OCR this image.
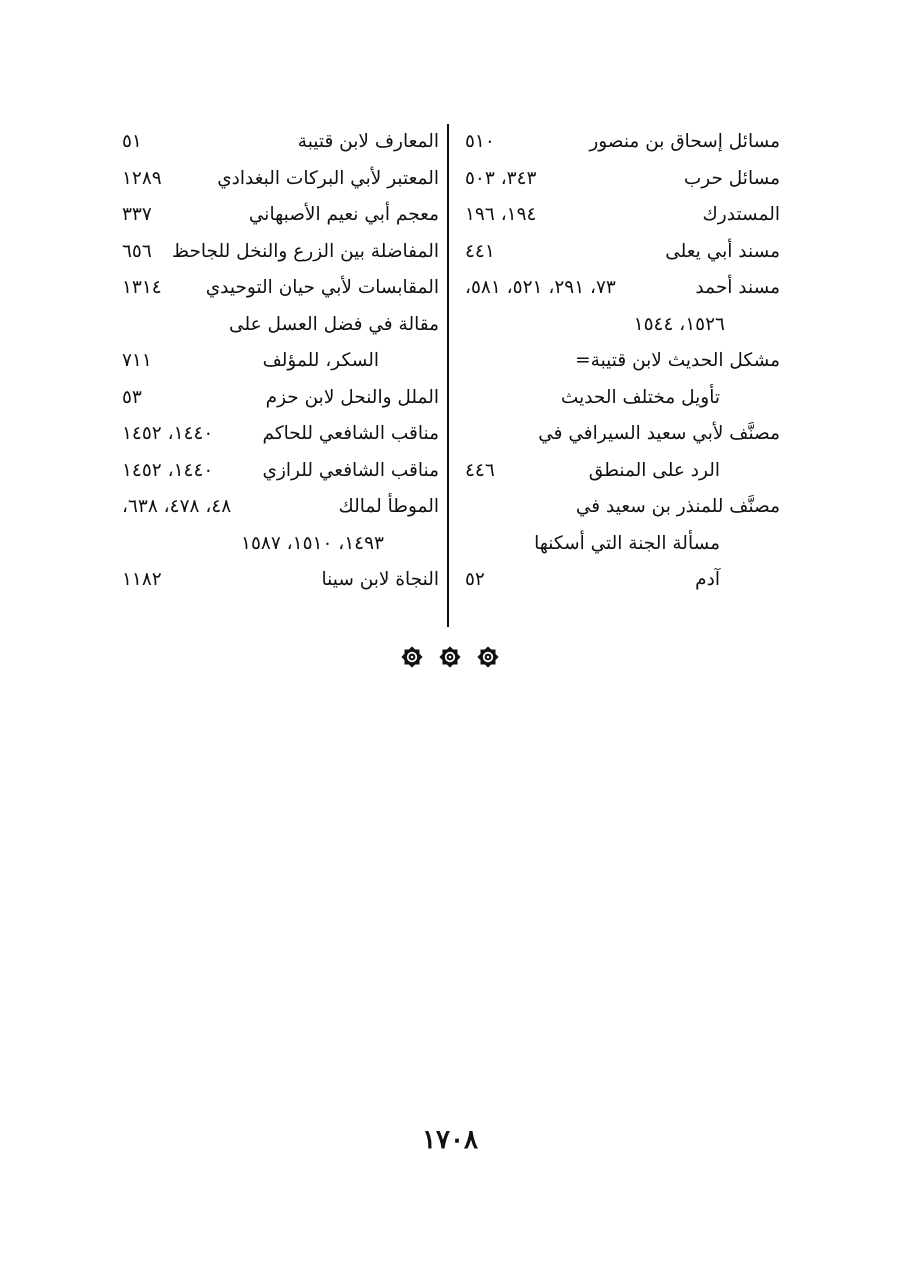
مسائل إسحاق بن منصور
٥١٠
مسائل حرب
٣٤٣، ٥٠٣
المستدرك
١٩٤، ١٩٦
مسند أبي يعلى
٤٤١
مسند أحمد
٧٣، ٢٩١، ٥٢١، ٥٨١،
١٥٢٦، ١٥٤٤
مشكل الحديث لابن قتيبة=
تأويل مختلف الحديث
مصنَّف لأبي سعيد السيرافي في
الرد على المنطق
٤٤٦
مصنَّف للمنذر بن سعيد في
مسألة الجنة التي أسكنها
آدم
٥٢
المعارف لابن قتيبة
٥١
المعتبر لأبي البركات البغدادي
١٢٨٩
معجم أبي نعيم الأصبهاني
٣٣٧
المفاضلة بين الزرع والنخل للجاحظ
٦٥٦
المقابسات لأبي حيان التوحيدي
١٣١٤
مقالة في فضل العسل على
السكر، للمؤلف
٧١١
الملل والنحل لابن حزم
٥٣
مناقب الشافعي للحاكم
١٤٤٠، ١٤٥٢
مناقب الشافعي للرازي
١٤٤٠، ١٤٥٢
الموطأ لمالك
٤٨، ٤٧٨، ٦٣٨،
١٤٩٣، ١٥١٠، ١٥٨٧
النجاة لابن سينا
١١٨٢
١٧٠٨
